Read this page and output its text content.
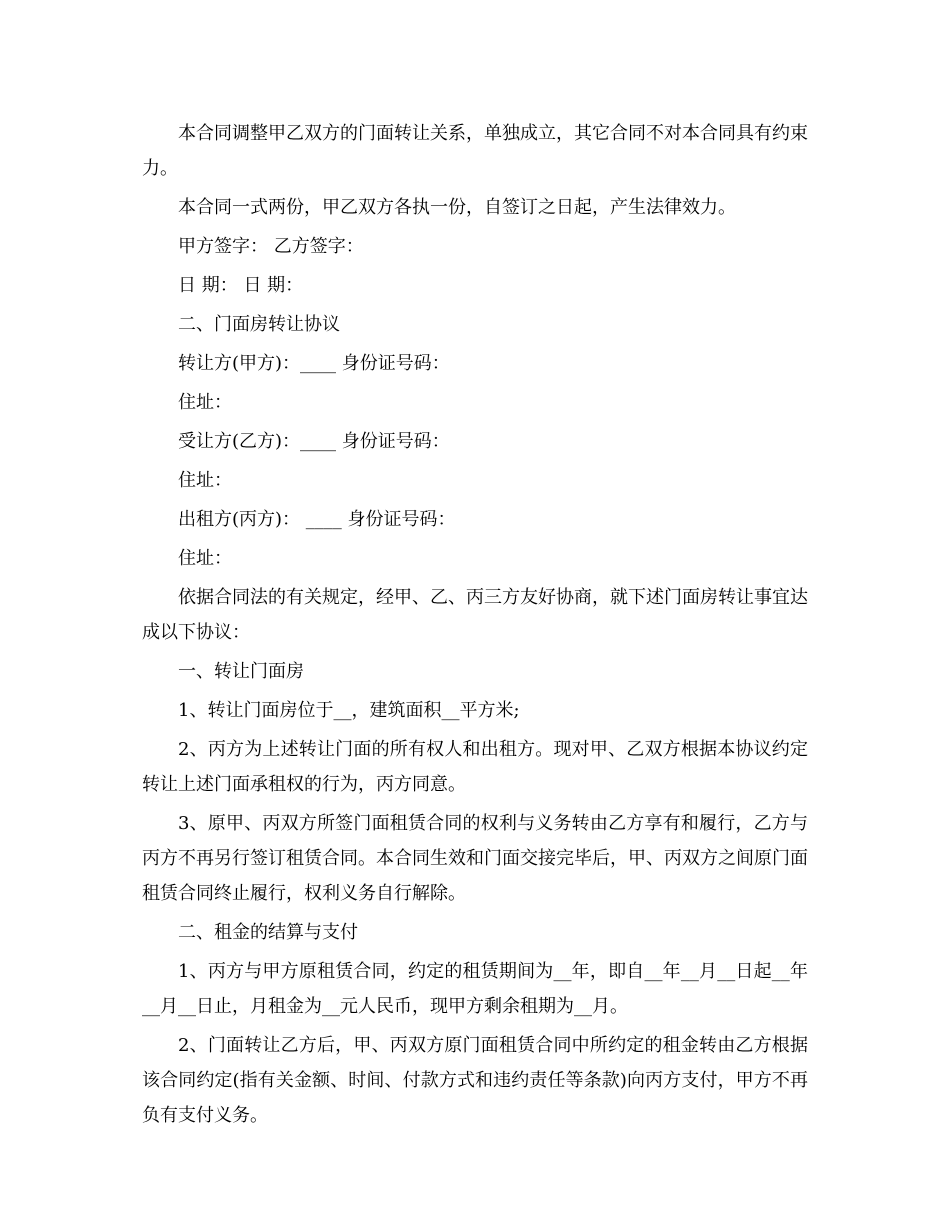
本合同调整甲乙双方的门面转让关系，单独成立，其它合同不对本合同具有约束力。

本合同一式两份，甲乙双方各执一份，自签订之日起，产生法律效力。

甲方签字： 乙方签字：

日 期： 日 期：

二、门面房转让协议

转让方(甲方)：____ 身份证号码：

住址：

受让方(乙方)：____ 身份证号码：

住址：

出租方(丙方)： ____ 身份证号码：

住址：

依据合同法的有关规定，经甲、乙、丙三方友好协商，就下述门面房转让事宜达成以下协议：

一、转让门面房

1、转让门面房位于__，建筑面积__平方米;

2、丙方为上述转让门面的所有权人和出租方。现对甲、乙双方根据本协议约定转让上述门面承租权的行为，丙方同意。

3、原甲、丙双方所签门面租赁合同的权利与义务转由乙方享有和履行，乙方与丙方不再另行签订租赁合同。本合同生效和门面交接完毕后，甲、丙双方之间原门面租赁合同终止履行，权利义务自行解除。

二、租金的结算与支付

1、丙方与甲方原租赁合同，约定的租赁期间为__年，即自__年__月__日起__年__月__日止，月租金为__元人民币，现甲方剩余租期为__月。

2、门面转让乙方后，甲、丙双方原门面租赁合同中所约定的租金转由乙方根据该合同约定(指有关金额、时间、付款方式和违约责任等条款)向丙方支付，甲方不再负有支付义务。
